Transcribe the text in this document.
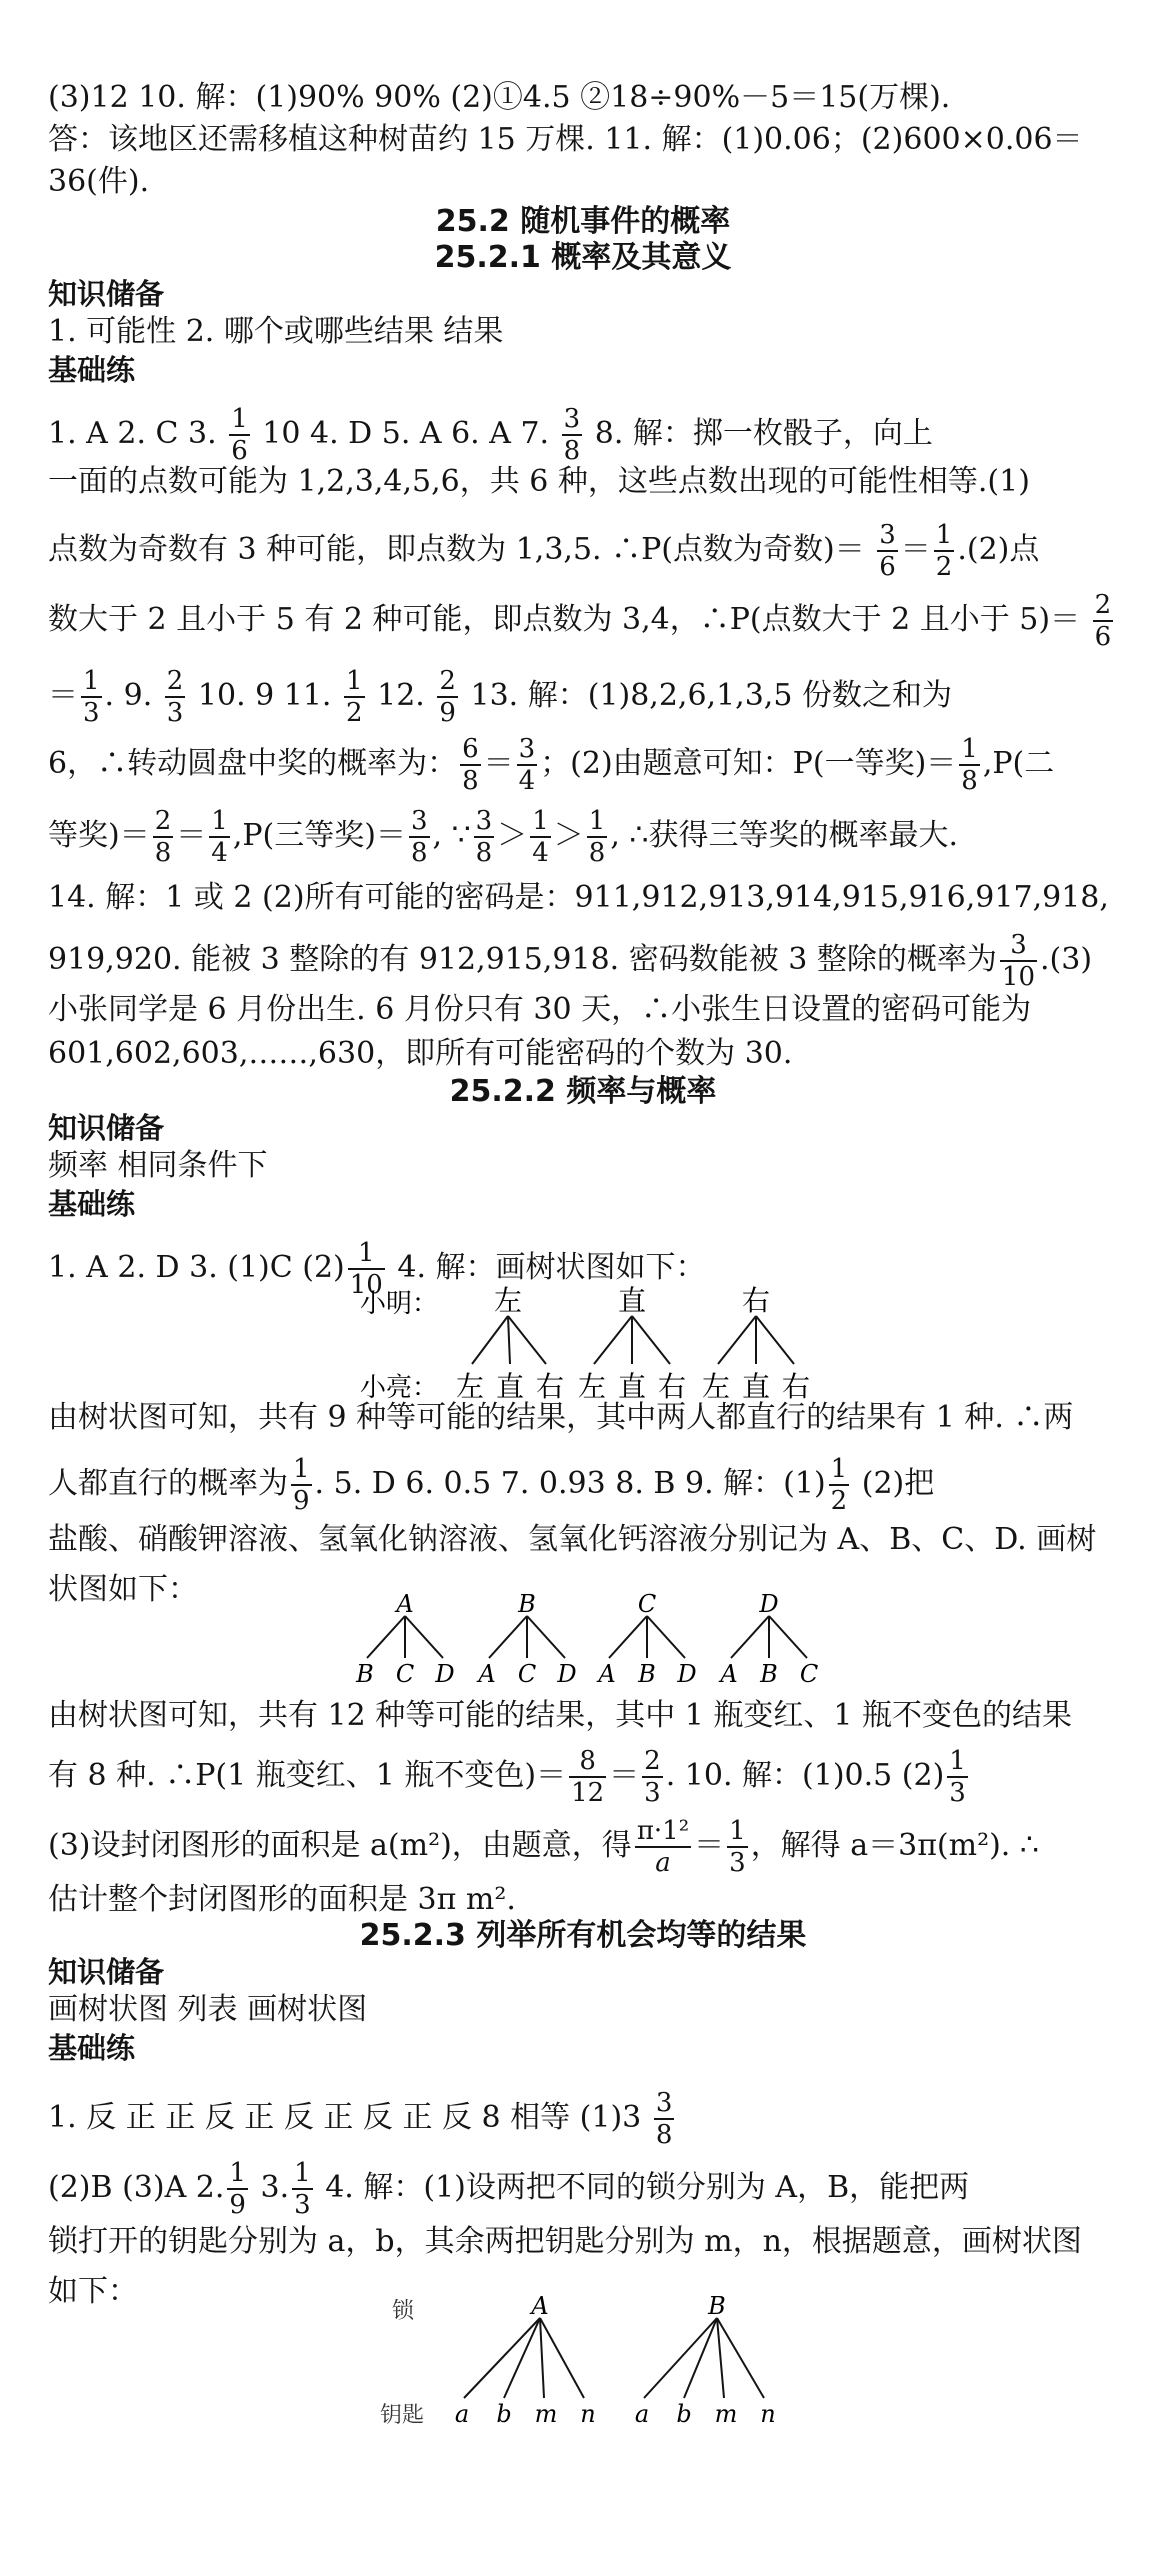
(3)12 10. 解：(1)90% 90% (2)①4.5 ②18÷90%－5＝15(万棵).
答：该地区还需移植这种树苗约 15 万棵. 11. 解：(1)0.06；(2)600×0.06＝
36(件).
25.2 随机事件的概率
25.2.1 概率及其意义
知识储备
1. 可能性 2. 哪个或哪些结果 结果
基础练
1. A 2. C 3. $\frac{1}{6} 10$ 4. D 5. A 6. A 7. $\frac{3}{8} 8$. 解：掷一枚骰子，向上
一面的点数可能为 1,2,3,4,5,6，共 6 种，这些点数出现的可能性相等.(1)
点数为奇数有 3 种可能，即点数为 1,3,5. ∴P(点数为奇数)＝ $\frac{3}{6} = \frac{1}{2} .(2)$点
数大于 2 且小于 5 有 2 种可能，即点数为 3,4，∴P(点数大于 2 且小于 $5)= \frac{2}{6}$
＝ $\frac{1}{3}$ . 9. $\frac{2}{3} 10$. 9 11. $\frac{1}{2} 12$. $\frac{2}{9} 13$. 解：(1)8,2,6,1,3,5 份数之和为
6，∴转动圆盘中奖的概率为： $\frac{6}{8} = \frac{3}{4}$ ；(2)由题意可知：P(一等奖)＝ $\frac{1}{8} ,P$(二
等奖)＝ $\frac{2}{8} = \frac{1}{4} ,P$(三等奖)＝ $\frac{3}{8}$ , ∵ $\frac{3}{8} > \frac{1}{4} > \frac{1}{8}$ , ∴获得三等奖的概率最大.
14. 解：1 或 2 (2)所有可能的密码是：911,912,913,914,915,916,917,918,
919,920. 能被 3 整除的有 912,915,918. 密码数能被 3 整除的概率为 $\frac{3}{10} .(3)$
小张同学是 6 月份出生. 6 月份只有 30 天，∴小张生日设置的密码可能为
601,602,603,……,630，即所有可能密码的个数为 30.
25.2.2 频率与概率
知识储备
频率 相同条件下
基础练
1. A 2. D 3. (1)C $(2) \frac{1}{10} 4$. 解：画树状图如下：
小明： 左	直	右
小亮： 左 直 右 左 直 右 左 直 右
由树状图可知，共有 9 种等可能的结果，其中两人都直行的结果有 1 种. ∴两
人都直行的概率为 $\frac{1}{9}$ . 5. D 6. 0.5 7. 0.93 8. B 9. 解：$(1) \frac{1}{2} (2)$把
盐酸、硝酸钾溶液、氢氧化钠溶液、氢氧化钙溶液分别记为 A、B、C、D. 画树
状图如下：	A	B	C	D
B C D A C D A B D A B C
由树状图可知，共有 12 种等可能的结果，其中 1 瓶变红、1 瓶不变色的结果
有 8 种. ∴P(1 瓶变红、1 瓶不变色)＝ $\frac{8}{12} = \frac{2}{3}$ . 10. 解：(1)0.5 $(2) \frac{1}{3}$
(3)设封闭图形的面积是 a(m²)，由题意，得 $\frac{\text{π·1²}}{a} = \frac{1}{3}$ ，解得 a＝3π(m²). ∴
估计整个封闭图形的面积是 3π m².
25.2.3 列举所有机会均等的结果
知识储备
画树状图 列表 画树状图
基础练
1. 反 正 正 反 正 反 正 反 正 反 8 相等 $(1)3 \frac{3}{8}$
(2)B (3)A 2. $\frac{1}{9} 3$. $\frac{1}{3} 4$. 解：(1)设两把不同的锁分别为 A，B，能把两
锁打开的钥匙分别为 a，b，其余两把钥匙分别为 m，n，根据题意，画树状图
如下：
锁	A	B
钥匙 a b m n a b m n
